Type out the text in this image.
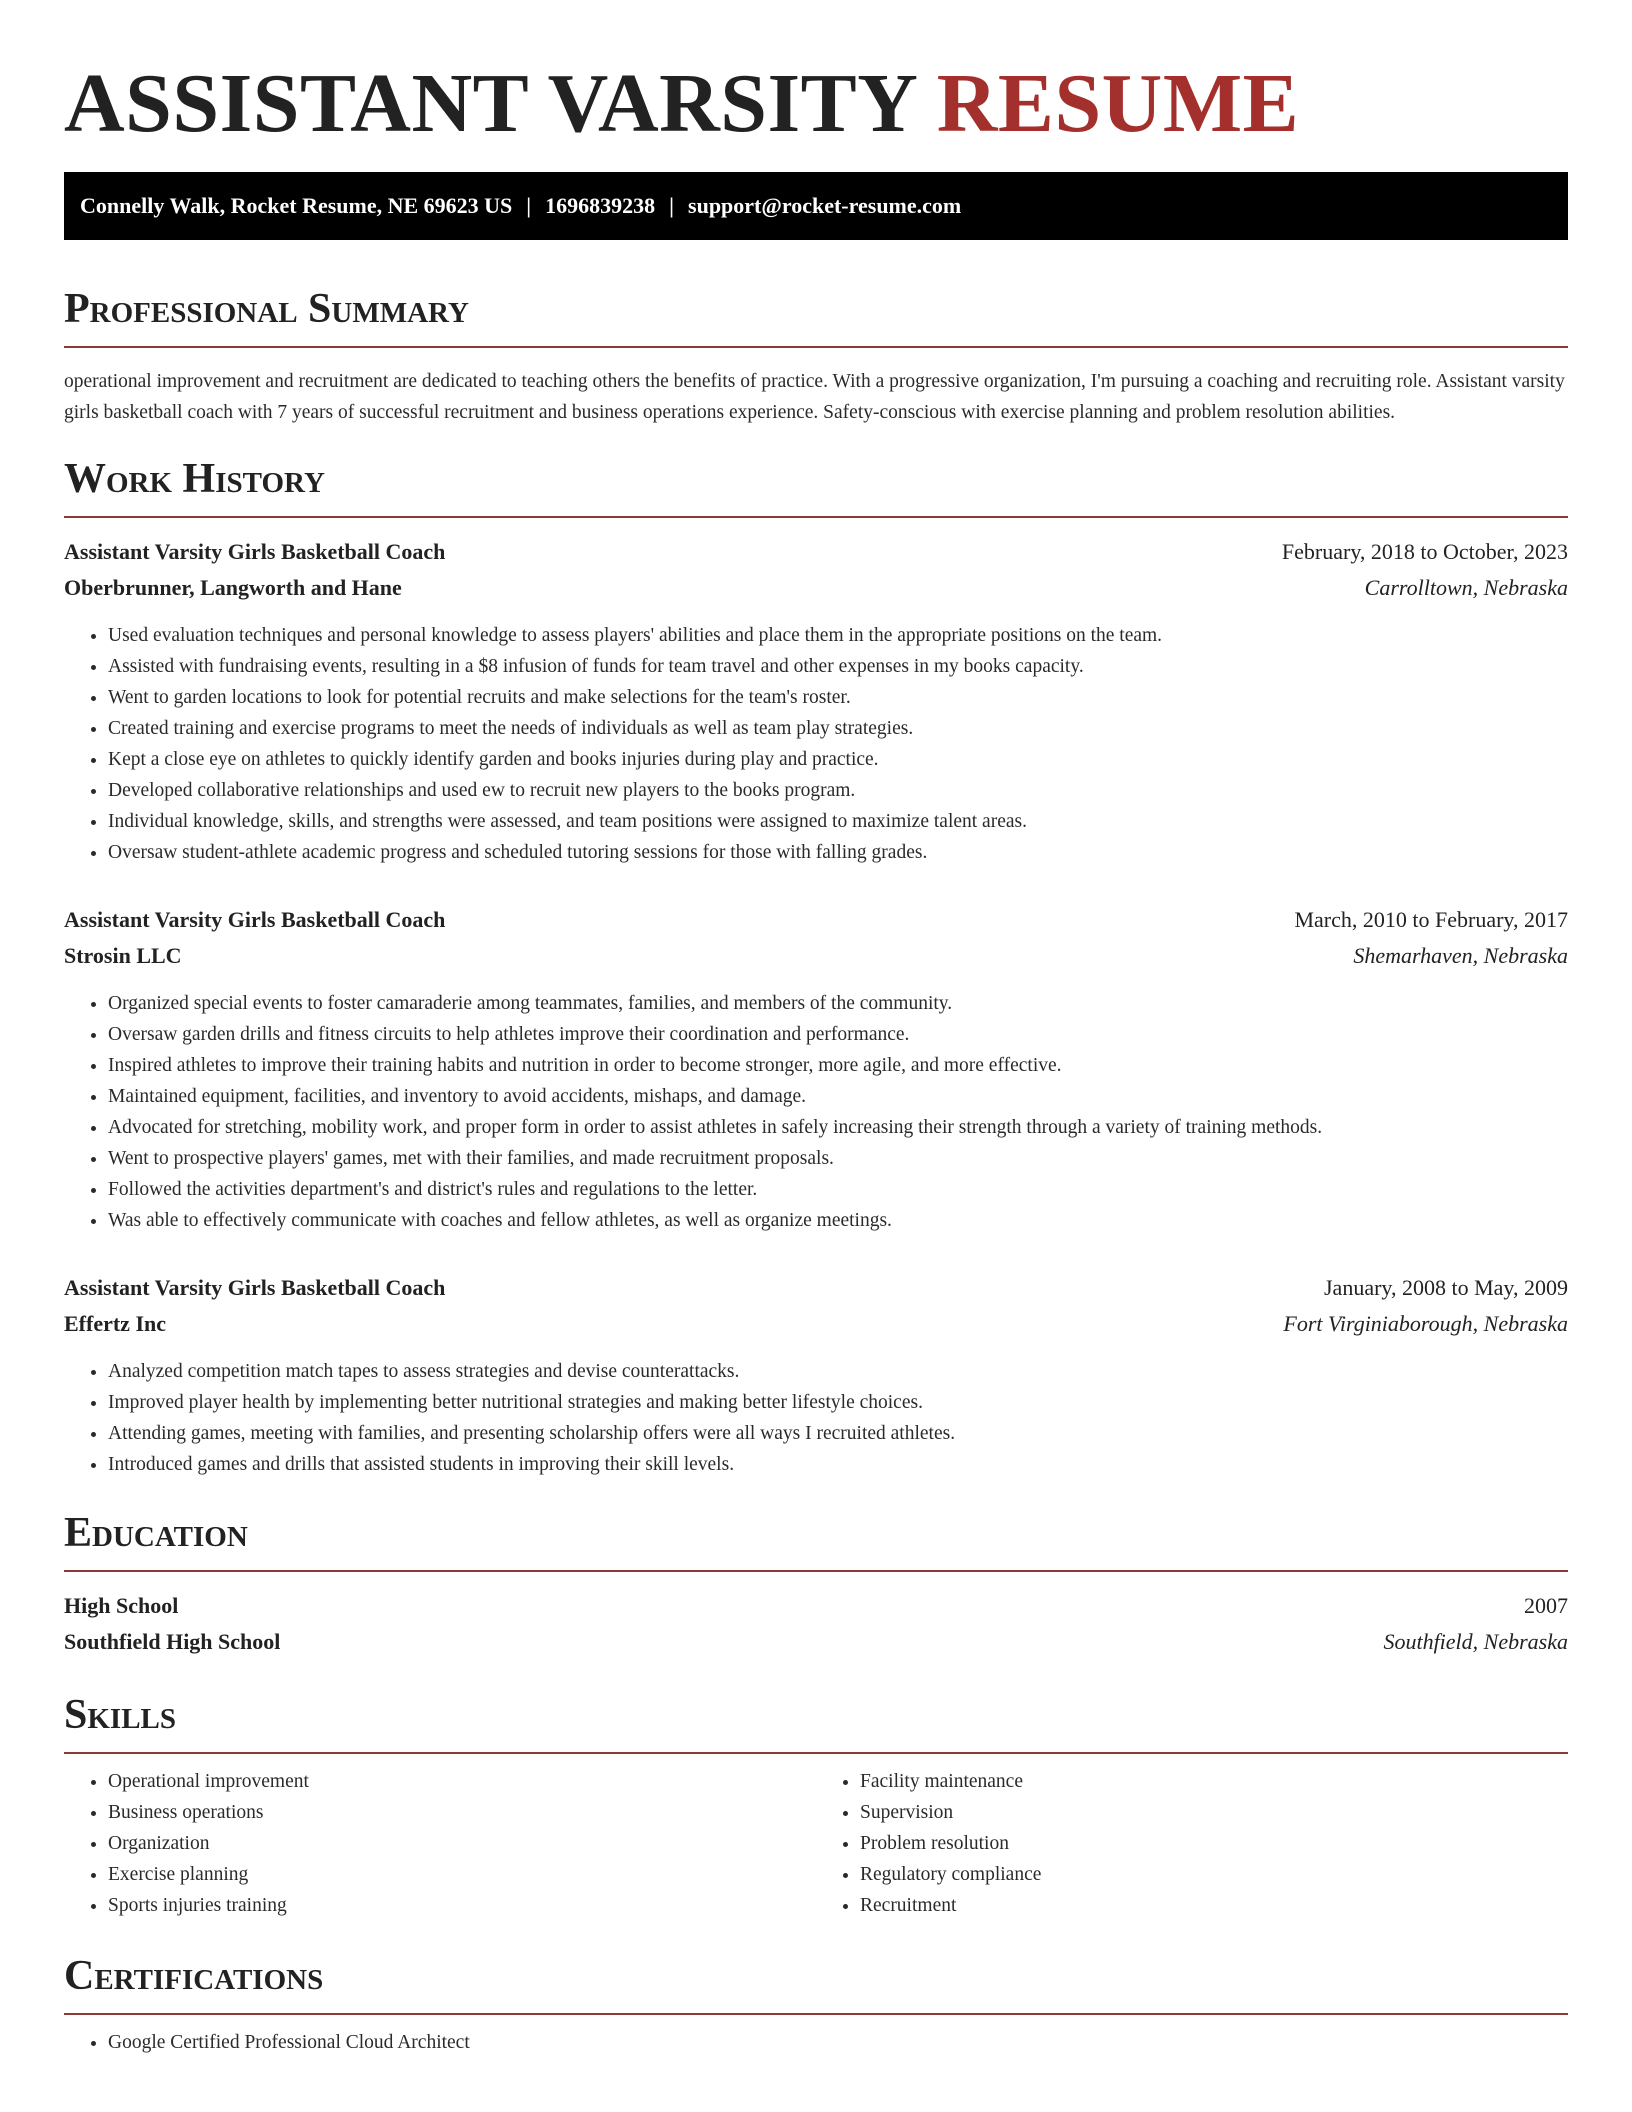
ASSISTANT VARSITY RESUME
Connelly Walk, Rocket Resume, NE 69623 US | 1696839238 | support@rocket-resume.com
Professional Summary

operational improvement and recruitment are dedicated to teaching others the benefits of practice. With a progressive organization, I'm pursuing a coaching and recruiting role. Assistant varsity girls basketball coach with 7 years of successful recruitment and business operations experience. Safety-conscious with exercise planning and problem resolution abilities.

Work History
Assistant Varsity Girls Basketball Coach	February, 2018 to October, 2023
Oberbrunner, Langworth and Hane	Carrolltown, Nebraska
• Used evaluation techniques and personal knowledge to assess players' abilities and place them in the appropriate positions on the team.
• Assisted with fundraising events, resulting in a $8 infusion of funds for team travel and other expenses in my books capacity.
• Went to garden locations to look for potential recruits and make selections for the team's roster.
• Created training and exercise programs to meet the needs of individuals as well as team play strategies.
• Kept a close eye on athletes to quickly identify garden and books injuries during play and practice.
• Developed collaborative relationships and used ew to recruit new players to the books program.
• Individual knowledge, skills, and strengths were assessed, and team positions were assigned to maximize talent areas.
• Oversaw student-athlete academic progress and scheduled tutoring sessions for those with falling grades.
Assistant Varsity Girls Basketball Coach	March, 2010 to February, 2017
Strosin LLC	Shemarhaven, Nebraska
• Organized special events to foster camaraderie among teammates, families, and members of the community.
• Oversaw garden drills and fitness circuits to help athletes improve their coordination and performance.
• Inspired athletes to improve their training habits and nutrition in order to become stronger, more agile, and more effective.
• Maintained equipment, facilities, and inventory to avoid accidents, mishaps, and damage.
• Advocated for stretching, mobility work, and proper form in order to assist athletes in safely increasing their strength through a variety of training methods.
• Went to prospective players' games, met with their families, and made recruitment proposals.
• Followed the activities department's and district's rules and regulations to the letter.
• Was able to effectively communicate with coaches and fellow athletes, as well as organize meetings.
Assistant Varsity Girls Basketball Coach	January, 2008 to May, 2009
Effertz Inc	Fort Virginiaborough, Nebraska
• Analyzed competition match tapes to assess strategies and devise counterattacks.
• Improved player health by implementing better nutritional strategies and making better lifestyle choices.
• Attending games, meeting with families, and presenting scholarship offers were all ways I recruited athletes.
• Introduced games and drills that assisted students in improving their skill levels.
Education
High School	2007
Southfield High School	Southfield, Nebraska
Skills
• Operational improvement
• Business operations
• Organization
• Exercise planning
• Sports injuries training
• Facility maintenance
• Supervision
• Problem resolution
• Regulatory compliance
• Recruitment
Certifications
• Google Certified Professional Cloud Architect
